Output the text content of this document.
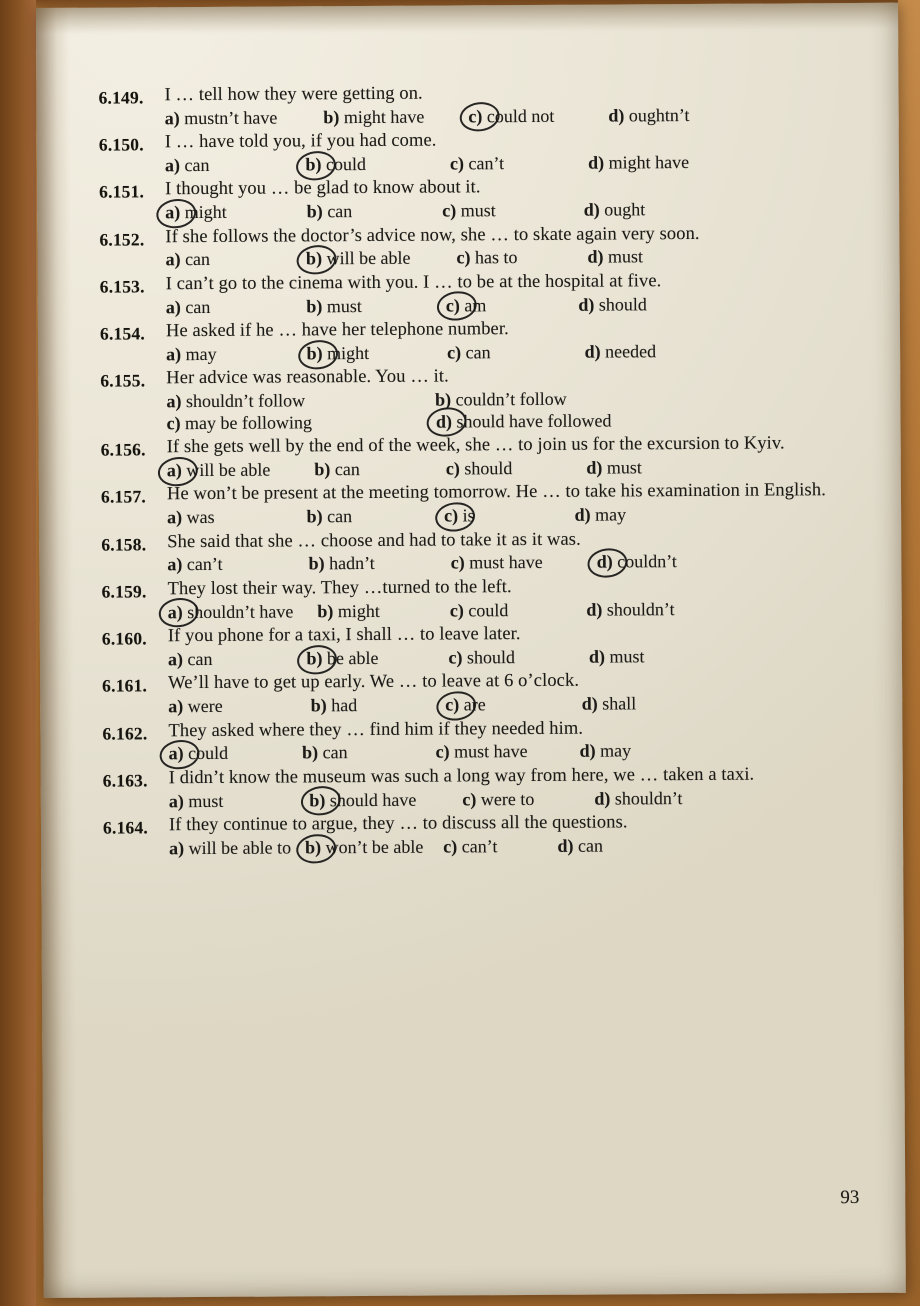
6.149.	I … tell how they were getting on.
a) mustn’t have	b) might have c) could not	d) oughtn’t
6.150.	I … have told you, if you had come.
a) can	b) could	c) can’t	d) might have
6.151.	I thought you … be glad to know about it.
a) might	b) can	c) must	d) ought
6.152.	If she follows the doctor’s advice now, she … to skate again very soon.
a) can	b) will be able	c) has to	d) must
6.153.	I can’t go to the cinema with you. I … to be at the hospital at five.
a) can	b) must	c) am	d) should
6.154.	He asked if he … have her telephone number.
a) may	b) might	c) can	d) needed
6.155.	Her advice was reasonable. You … it.
a) shouldn’t follow	b) couldn’t follow
c) may be following	d) should have followed
6.156.	If she gets well by the end of the week, she … to join us for the excursion to Kyiv.
a) will be able b) can	c) should	d) must
6.157.	He won’t be present at the meeting tomorrow. He … to take his examination in English.
a) was	b) can	c) is	d) may
6.158.	She said that she … choose and had to take it as it was.
a) can’t	b) hadn’t	c) must have	d) couldn’t
6.159.	They lost their way. They …turned to the left.
a) shouldn’t have b) might	c) could	d) shouldn’t
6.160.	If you phone for a taxi, I shall … to leave later.
a) can	b) be able	c) should	d) must
6.161.	We’ll have to get up early. We … to leave at 6 o’clock.
a) were	b) had	c) are	d) shall
6.162.	They asked where they … find him if they needed him.
a) could	b) can	c) must have	d) may
6.163.	I didn’t know the museum was such a long way from here, we … taken a taxi.
a) must	b) should have	c) were to	d) shouldn’t
6.164.	If they continue to argue, they … to discuss all the questions.
a) will be able to b) won’t be able c) can’t	d) can
93
